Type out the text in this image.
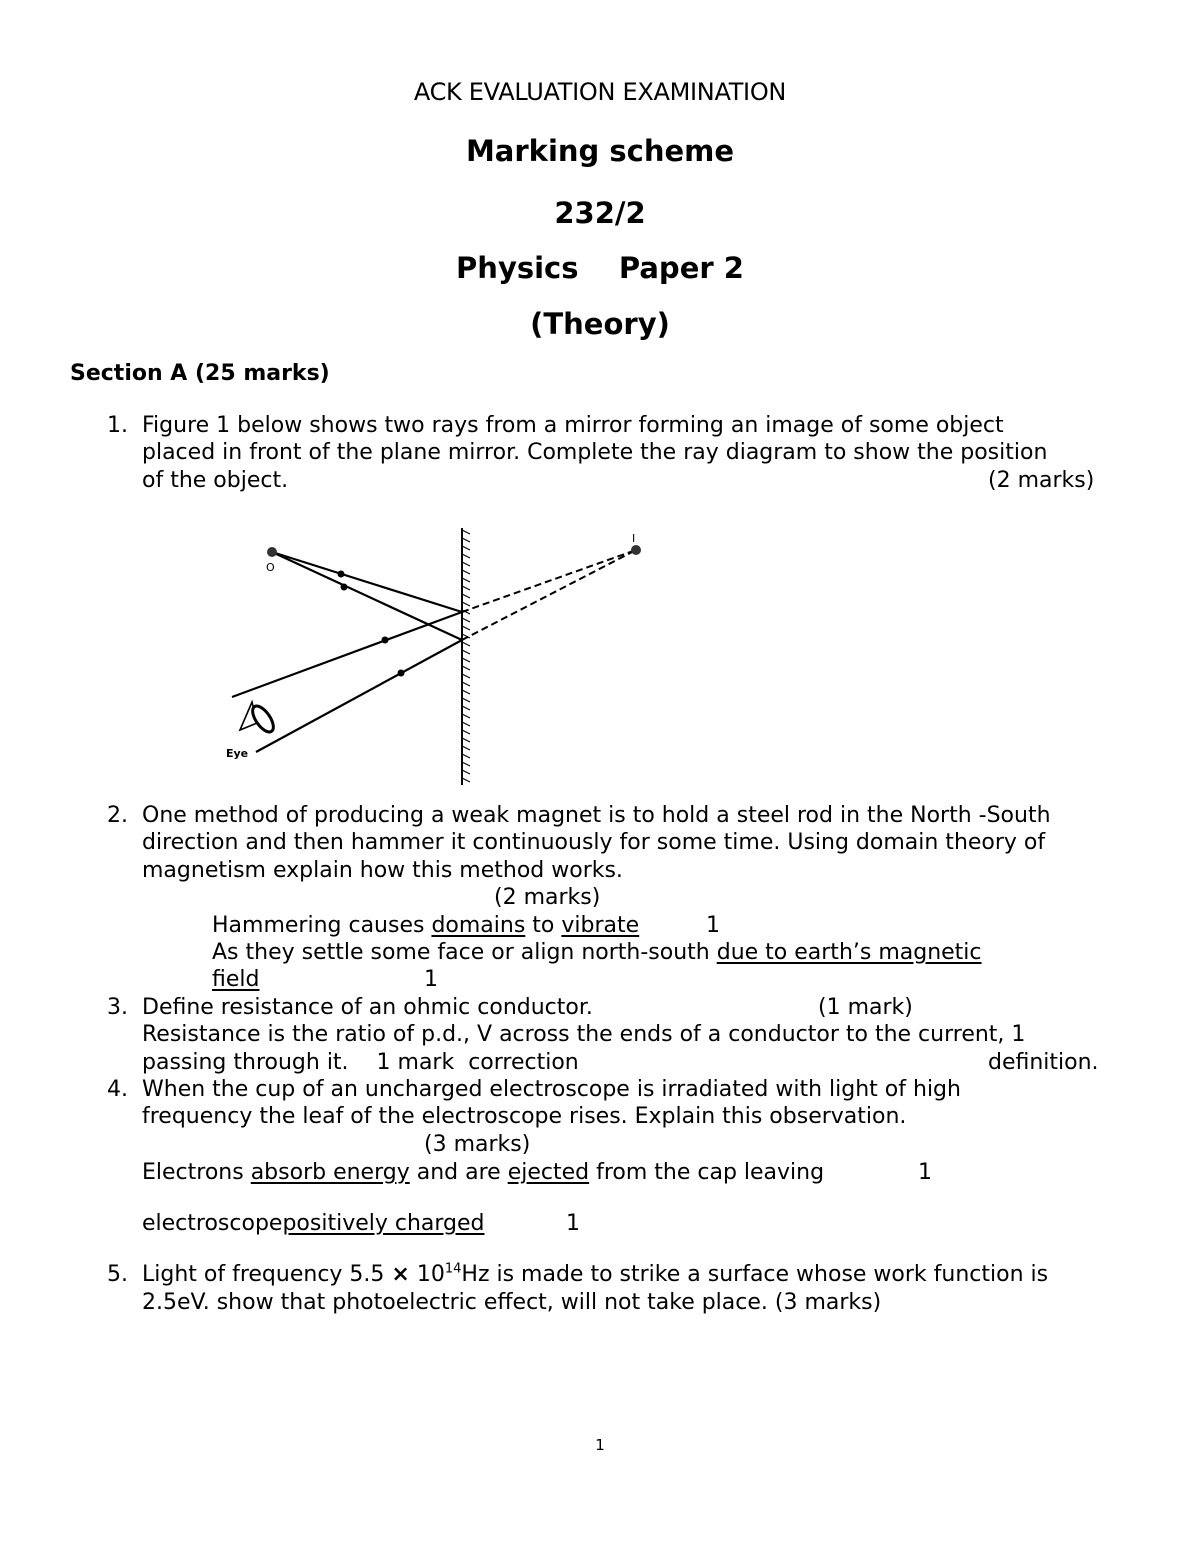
ACK EVALUATION EXAMINATION
Marking scheme
232/2
Physics    Paper 2
(Theory)
Section A (25 marks)
1. Figure 1 below shows two rays from a mirror forming an image of some object
placed in front of the plane mirror. Complete the ray diagram to show the position
of the object.	(2 marks)
O
I
Eye
2. One method of producing a weak magnet is to hold a steel rod in the North -South
direction and then hammer it continuously for some time. Using domain theory of
magnetism explain how this method works.
(2 marks)
Hammering causes domains to vibrate	1
As they settle some face or align north-south due to earth’s magnetic
field	1
3. Define resistance of an ohmic conductor.	(1 mark)
Resistance is the ratio of p.d., V across the ends of a conductor to the current, 1
passing through it.    1 mark  correction	definition.
4. When the cup of an uncharged electroscope is irradiated with light of high
frequency the leaf of the electroscope rises. Explain this observation.
(3 marks)
Electrons absorb energy and are ejected from the cap leaving	1
electroscopepositively charged	1
5. Light of frequency $5.5 \times 10^{14}Hz$ is made to strike a surface whose work function is
2.5eV. show that photoelectric effect, will not take place. (3 marks)
1
